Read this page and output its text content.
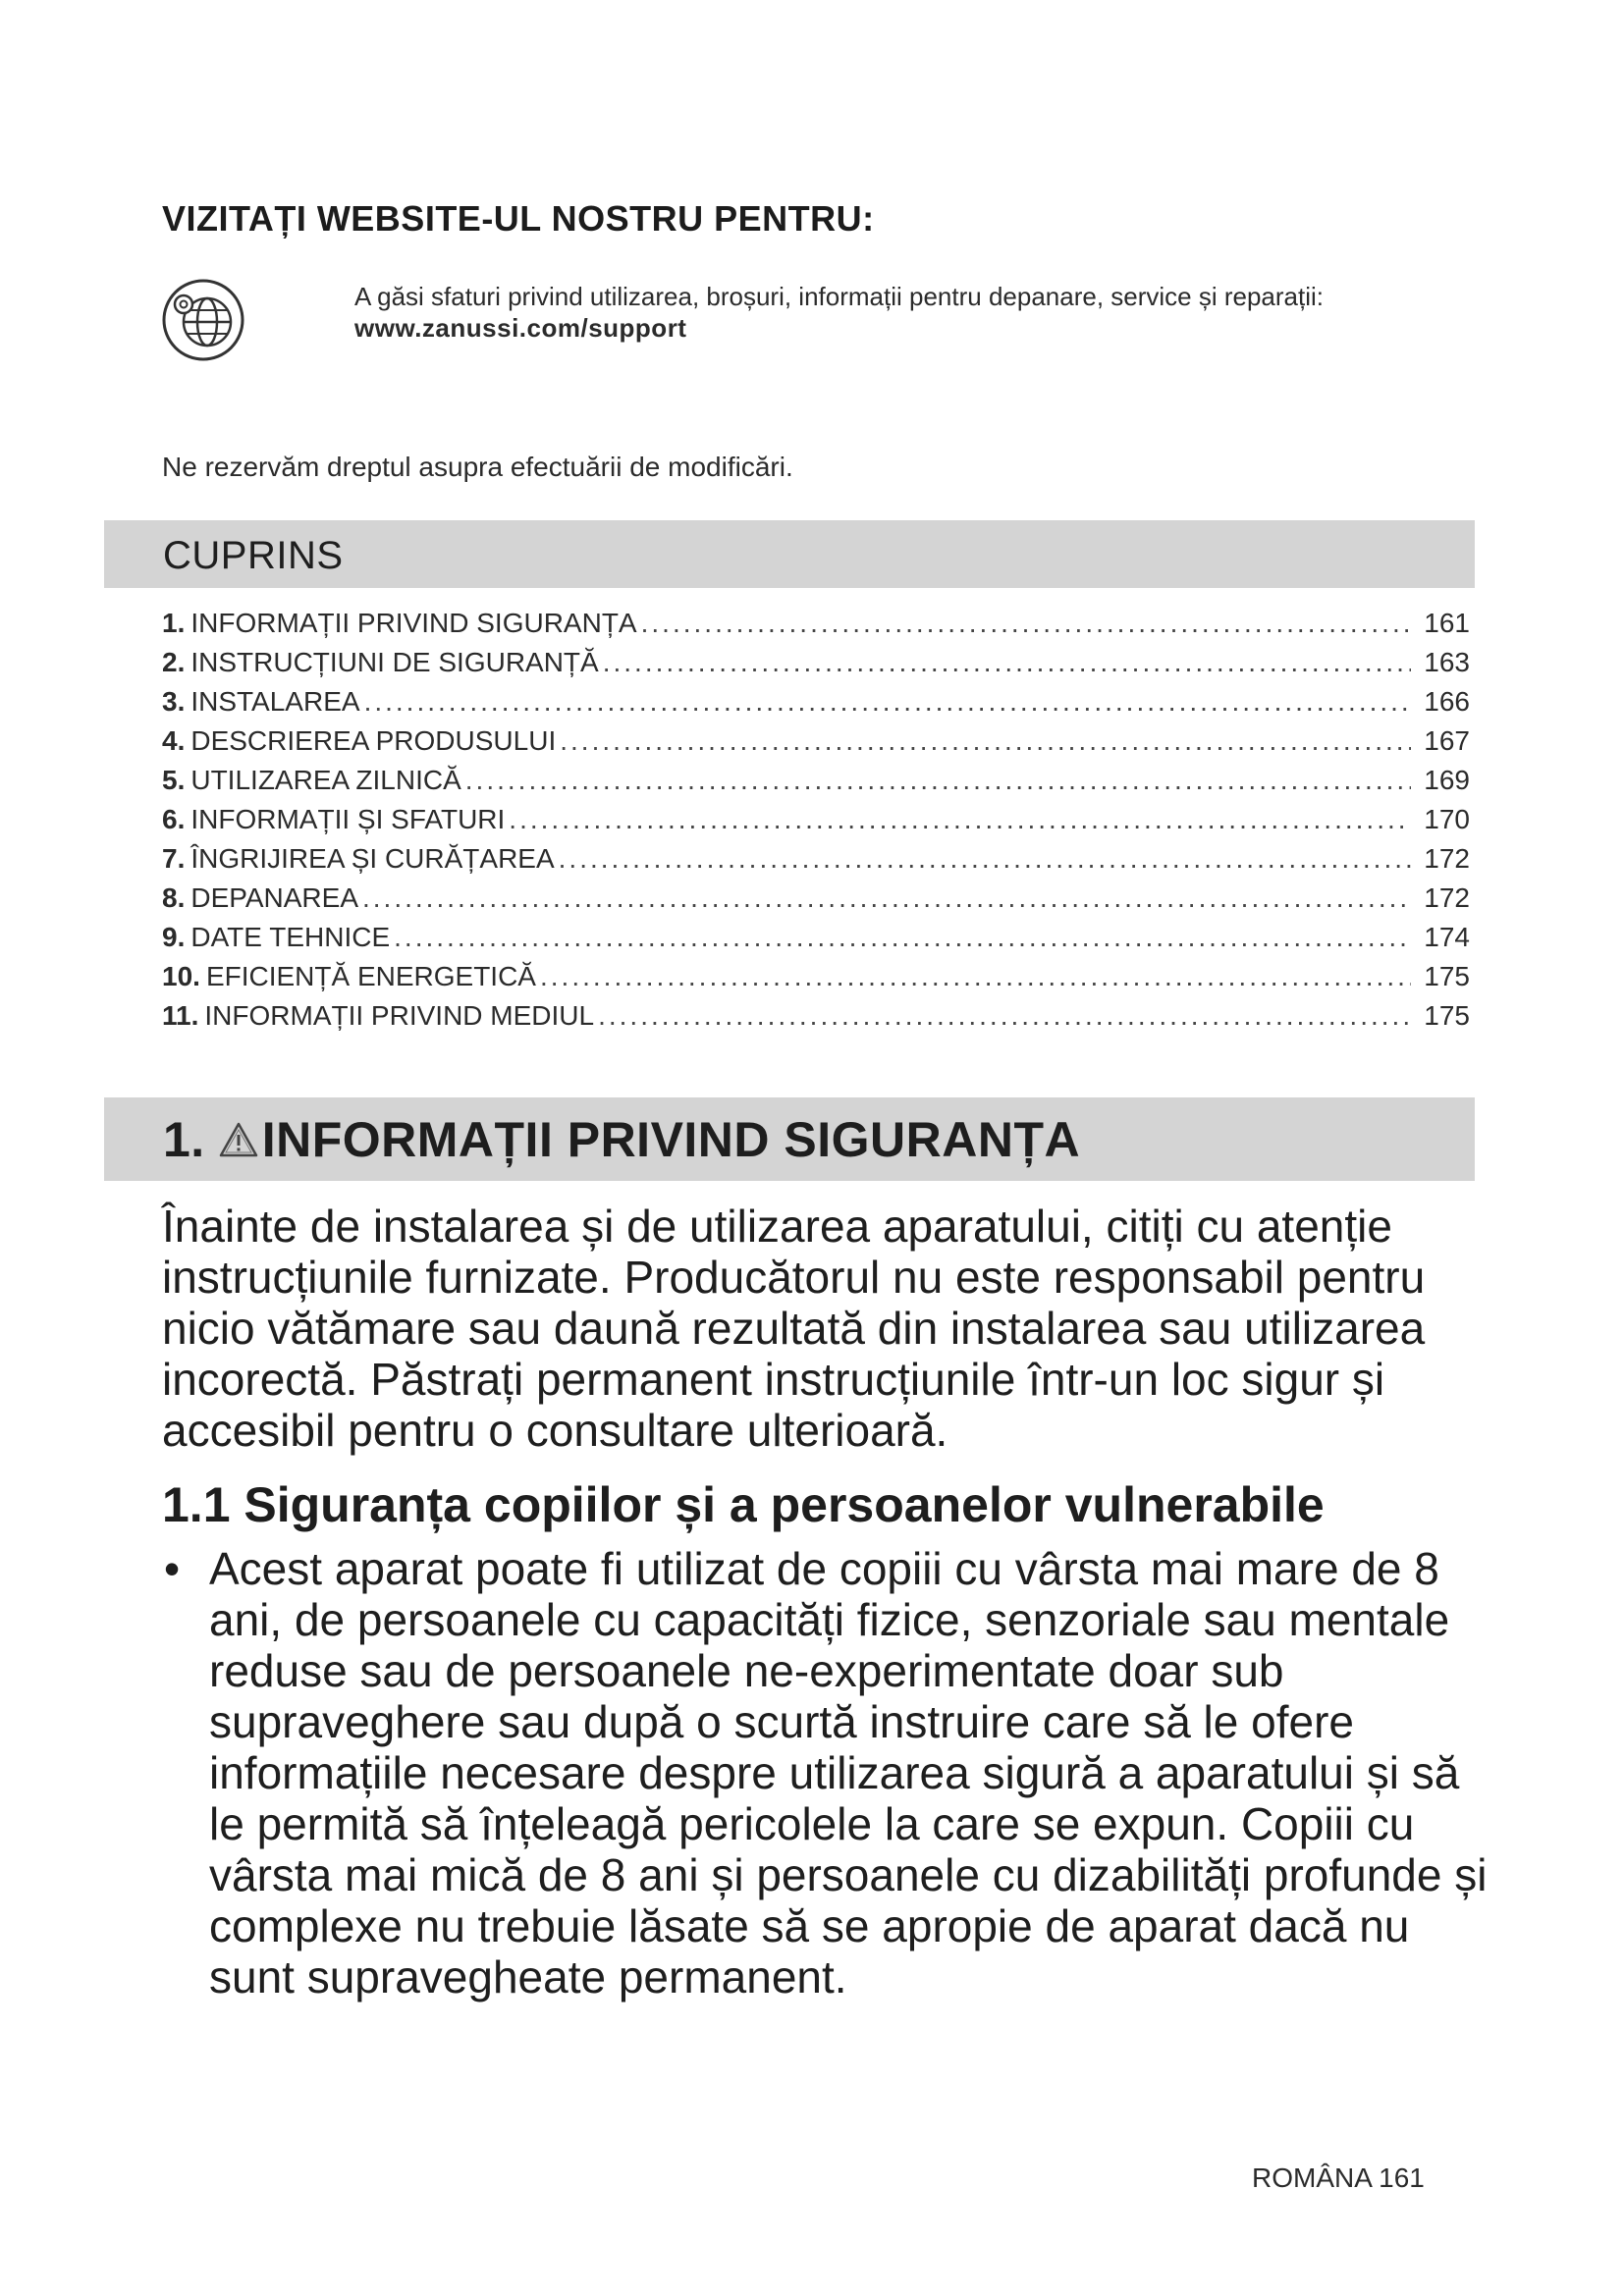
VIZITAȚI WEBSITE-UL NOSTRU PENTRU:
A găsi sfaturi privind utilizarea, broșuri, informații pentru depanare, service și reparații:
www.zanussi.com/support
Ne rezervăm dreptul asupra efectuării de modificări.
CUPRINS
1. INFORMAȚII PRIVIND SIGURANȚA .....	161
2. INSTRUCȚIUNI DE SIGURANȚĂ .....	163
3. INSTALAREA .....	166
4. DESCRIEREA PRODUSULUI .....	167
5. UTILIZAREA ZILNICĂ .....	169
6. INFORMAȚII ȘI SFATURI .....	170
7. ÎNGRIJIREA ȘI CURĂȚAREA .....	172
8. DEPANAREA .....	172
9. DATE TEHNICE .....	174
10. EFICIENȚĂ ENERGETICĂ .....	175
11. INFORMAȚII PRIVIND MEDIUL .....	175
1. INFORMAȚII PRIVIND SIGURANȚA

Înainte de instalarea și de utilizarea aparatului, citiți cu atenție instrucțiunile furnizate. Producătorul nu este responsabil pentru nicio vătămare sau daună rezultată din instalarea sau utilizarea incorectă. Păstrați permanent instrucțiunile într-un loc sigur și accesibil pentru o consultare ulterioară.

1.1 Siguranța copiilor și a persoanelor vulnerabile
• Acest aparat poate fi utilizat de copiii cu vârsta mai mare de 8 ani, de persoanele cu capacități fizice, senzoriale sau mentale reduse sau de persoanele ne-experimentate doar sub supraveghere sau după o scurtă instruire care să le ofere informațiile necesare despre utilizarea sigură a aparatului și să le permită să înțeleagă pericolele la care se expun. Copiii cu vârsta mai mică de 8 ani și persoanele cu dizabilități profunde și complexe nu trebuie lăsate să se apropie de aparat dacă nu sunt supravegheate permanent.

ROMÂNA 161
